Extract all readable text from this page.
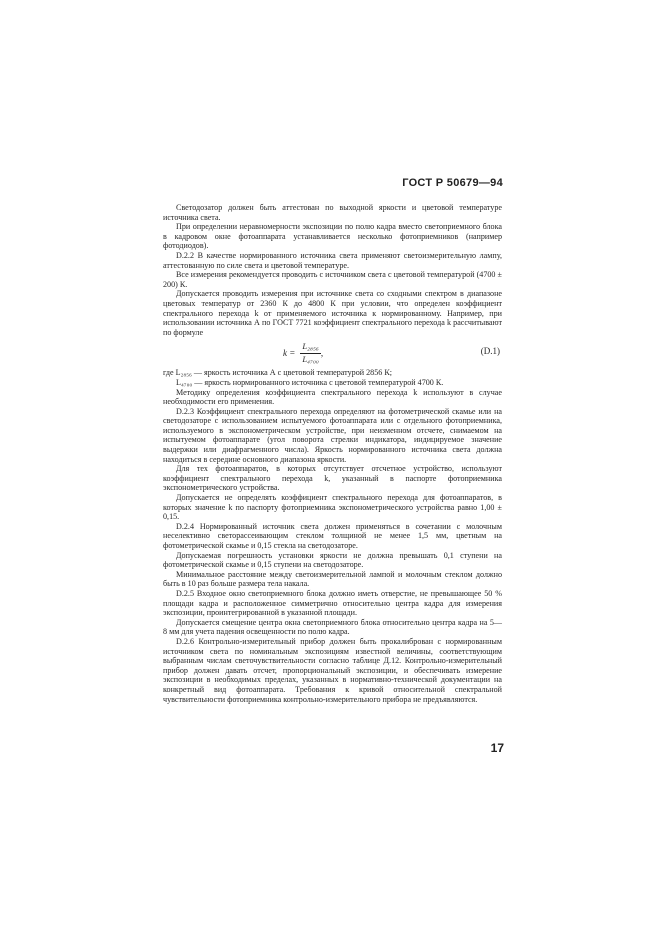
ГОСТ Р 50679—94

Светодозатор должен быть аттестован по выходной яркости и цветовой температуре источника света.

При определении неравномерности экспозиции по полю кадра вместо светоприемного блока в кадровом окне фотоаппарата устанавливается несколько фотоприемников (например фотодиодов).

D.2.2 В качестве нормированного источника света применяют светоизмерительную лампу, аттестованную по силе света и цветовой температуре.

Все измерения рекомендуется проводить с источником света с цветовой температурой (4700 ± 200) К.

Допускается проводить измерения при источнике света со сходными спектром в диапазоне цветовых температур от 2360 К до 4800 К при условии, что определен коэффициент спектрального перехода k от применяемого источника к нормированному. Например, при использовании источника А по ГОСТ 7721 коэффициент спектрального перехода k рассчитывают по формуле

$k = \frac{\text{L₂₈₅₆}}{\text{L₄₇₀₀}}$ ,	(D.1)

где L₂₈₅₆ — яркость источника А с цветовой температурой 2856 К;

L₄₇₀₀ — яркость нормированного источника с цветовой температурой 4700 К.

Методику определения коэффициента спектрального перехода k используют в случае необходимости его применения.

D.2.3 Коэффициент спектрального перехода определяют на фотометрической скамье или на светодозаторе с использованием испытуемого фотоаппарата или с отдельного фотоприемника, используемого в экспонометрическом устройстве, при неизменном отсчете, снимаемом на испытуемом фотоаппарате (угол поворота стрелки индикатора, индицируемое значение выдержки или диафрагменного числа). Яркость нормированного источника света должна находиться в середине основного диапазона яркости.

Для тех фотоаппаратов, в которых отсутствует отсчетное устройство, используют коэффициент спектрального перехода k, указанный в паспорте фотоприемника экспонометрического устройства.

Допускается не определять коэффициент спектрального перехода для фотоаппаратов, в которых значение k по паспорту фотоприемника экспонометрического устройства равно 1,00 ± 0,15.

D.2.4 Нормированный источник света должен применяться в сочетании с молочным неселективно светорассеивающим стеклом толщиной не менее 1,5 мм, цветным на фотометрической скамье и 0,15 стекла на светодозаторе.

Допускаемая погрешность установки яркости не должна превышать 0,1 ступени на фотометрической скамье и 0,15 ступени на светодозаторе.

Минимальное расстояние между светоизмерительной лампой и молочным стеклом должно быть в 10 раз больше размера тела накала.

D.2.5 Входное окно светоприемного блока должно иметь отверстие, не превышающее 50 % площади кадра и расположенное симметрично относительно центра кадра для измерения экспозиции, проинтегрированной в указанной площади.

Допускается смещение центра окна светоприемного блока относительно центра кадра на 5—8 мм для учета падения освещенности по полю кадра.

D.2.6 Контрольно-измерительный прибор должен быть прокалиброван с нормированным источником света по номинальным экспозициям известной величины, соответствующим выбранным числам светочувствительности согласно таблице Д.12. Контрольно-измерительный прибор должен давать отсчет, пропорциональный экспозиции, и обеспечивать измерение экспозиции в необходимых пределах, указанных в нормативно-технической документации на конкретный вид фотоаппарата. Требования к кривой относительной спектральной чувствительности фотоприемника контрольно-измерительного прибора не предъявляются.

17
